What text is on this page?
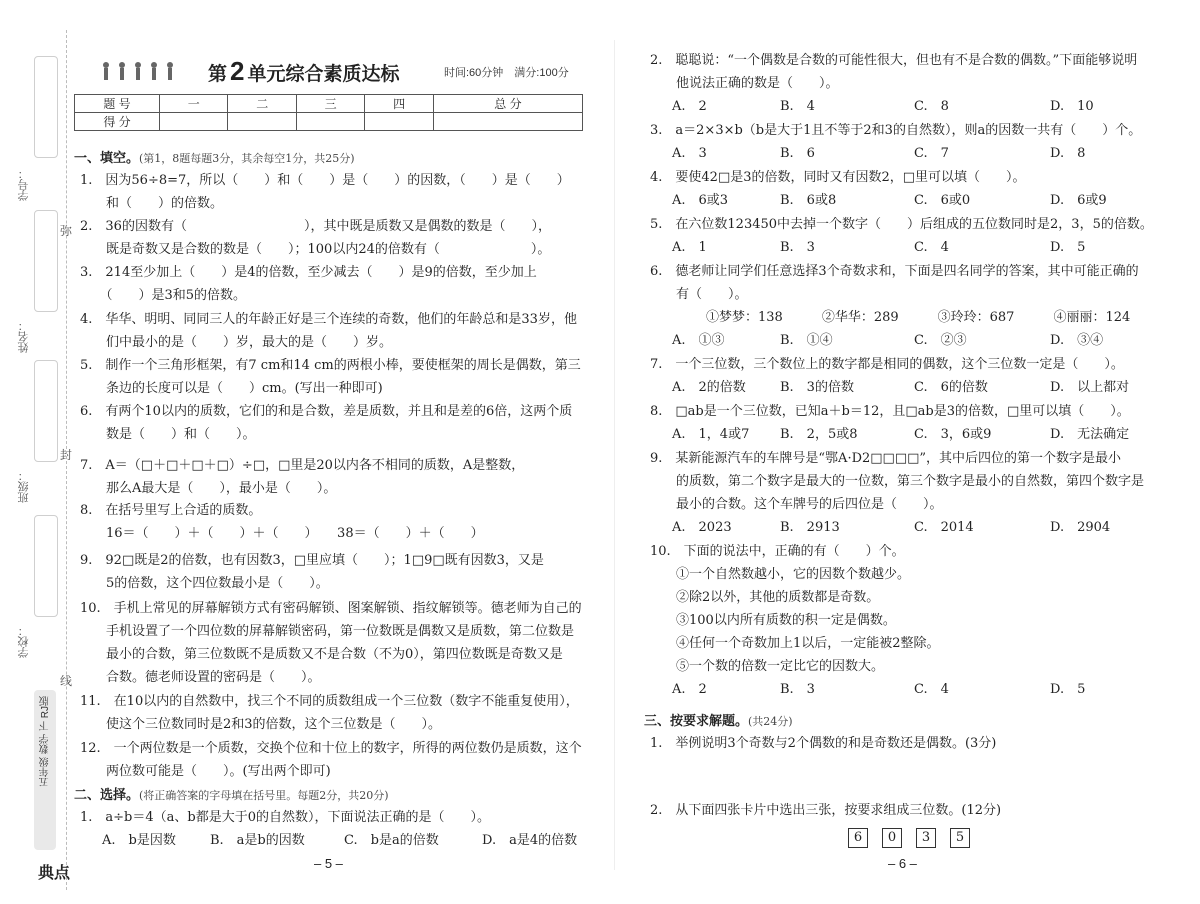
学号：
姓名：
班级：
学校：
弥
封
线
五年级 数学 下 RJ版
典点
第 2 单元综合素质达标	时间:60分钟　满分:100分
题 号	一	二	三	四	总 分
得 分					
一、填空。(第1，8题每题3分，其余每空1分，共25分)
1.　因为56÷8=7，所以（　　）和（　　）是（　　）的因数，（　　）是（　　）
　　和（　　）的倍数。
2.　36的因数有（　　　　　　　　　），其中既是质数又是偶数的数是（　　），
　　既是奇数又是合数的数是（　　）；100以内24的倍数有（　　　　　　　）。
3.　214至少加上（　　）是4的倍数，至少减去（　　）是9的倍数，至少加上
　　（　　）是3和5的倍数。
4.　华华、明明、同同三人的年龄正好是三个连续的奇数，他们的年龄总和是33岁，他
　　们中最小的是（　　）岁，最大的是（　　）岁。
5.　制作一个三角形框架，有7 cm和14 cm的两根小棒，要使框架的周长是偶数，第三
　　条边的长度可以是（　　）cm。(写出一种即可)
6.　有两个10以内的质数，它们的和是合数，差是质数，并且和是差的6倍，这两个质
　　数是（　　）和（　　）。
7.　A＝（□＋□＋□＋□）÷□，□里是20以内各不相同的质数，A是整数，
　　那么A最大是（　　），最小是（　　）。
8.　在括号里写上合适的质数。
　　16＝（　　）＋（　　）＋（　　）　　38＝（　　）＋（　　）
9.　92□既是2的倍数，也有因数3，□里应填（　　）；1□9□既有因数3，又是
　　5的倍数，这个四位数最小是（　　）。
10.　手机上常见的屏幕解锁方式有密码解锁、图案解锁、指纹解锁等。德老师为自己的
　　手机设置了一个四位数的屏幕解锁密码，第一位数既是偶数又是质数，第二位数是
　　最小的合数，第三位数既不是质数又不是合数（不为0），第四位数既是奇数又是
　　合数。德老师设置的密码是（　　）。
11.　在10以内的自然数中，找三个不同的质数组成一个三位数（数字不能重复使用），
　　使这个三位数同时是2和3的倍数，这个三位数是（　　）。
12.　一个两位数是一个质数，交换个位和十位上的数字，所得的两位数仍是质数，这个
　　两位数可能是（　　）。(写出两个即可)
二、选择。(将正确答案的字母填在括号里。每题2分，共20分)
1.　a÷b＝4（a、b都是大于0的自然数），下面说法正确的是（　　）。
A.　b是因数	B.　a是b的因数	C.　b是a的倍数	D.　a是4的倍数
– 5 –
2.　聪聪说：“一个偶数是合数的可能性很大，但也有不是合数的偶数。”下面能够说明
　　他说法正确的数是（　　）。
A.　2	B.　4	C.　8	D.　10
3.　a＝2×3×b（b是大于1且不等于2和3的自然数），则a的因数一共有（　　）个。
A.　3	B.　6	C.　7	D.　8
4.　要使42□是3的倍数，同时又有因数2，□里可以填（　　）。
A.　6或3	B.　6或8	C.　6或0	D.　6或9
5.　在六位数123450中去掉一个数字（　　）后组成的五位数同时是2，3，5的倍数。
A.　1	B.　3	C.　4	D.　5
6.　德老师让同学们任意选择3个奇数求和，下面是四名同学的答案，其中可能正确的
　　有（　　）。
①梦梦：138　　　②华华：289　　　③玲玲：687　　　④丽丽：124
A.　①③	B.　①④	C.　②③	D.　③④
7.　一个三位数，三个数位上的数字都是相同的偶数，这个三位数一定是（　　）。
A.　2的倍数	B.　3的倍数	C.　6的倍数	D.　以上都对
8.　□ab是一个三位数，已知a＋b＝12，且□ab是3的倍数，□里可以填（　　）。
A.　1，4或7 B.　2，5或8	C.　3，6或9	D.　无法确定
9.　某新能源汽车的车牌号是“鄂A·D2□□□□”，其中后四位的第一个数字是最小
　　的质数，第二个数字是最大的一位数，第三个数字是最小的自然数，第四个数字是
　　最小的合数。这个车牌号的后四位是（　　）。
A.　2023	B.　2913	C.　2014	D.　2904
10.　下面的说法中，正确的有（　　）个。
①一个自然数越小，它的因数个数越少。
②除2以外，其他的质数都是奇数。
③100以内所有质数的积一定是偶数。
④任何一个奇数加上1以后，一定能被2整除。
⑤一个数的倍数一定比它的因数大。
A.　2	B.　3	C.　4	D.　5
三、按要求解题。(共24分)
1.　举例说明3个奇数与2个偶数的和是奇数还是偶数。(3分)
2.　从下面四张卡片中选出三张，按要求组成三位数。(12分)
6 0 3 5
– 6 –
